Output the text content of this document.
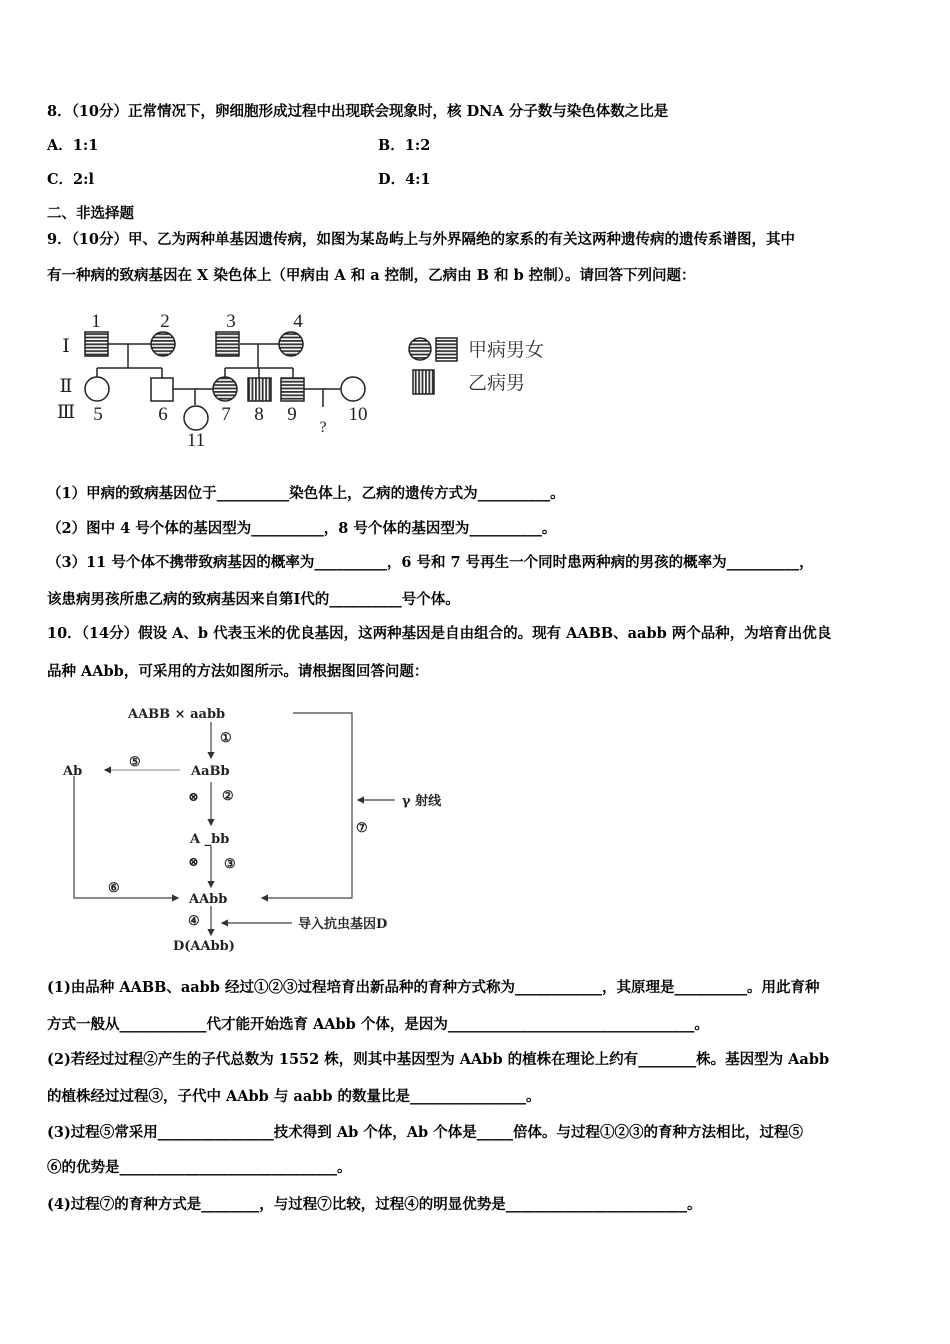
8．（10分）正常情况下，卵细胞形成过程中出现联会现象时，核 DNA 分子数与染色体数之比是
A．1:1	B．1:2
C．2:l	D．4:1
二、非选择题
9．（10分）甲、乙为两种单基因遗传病，如图为某岛屿上与外界隔绝的家系的有关这两种遗传病的遗传系谱图，其中
有一种病的致病基因在 X 染色体上（甲病由 A 和 a 控制，乙病由 B 和 b 控制）。请回答下列问题：
Ⅰ
Ⅱ
Ⅲ
1	2	3	4
5	6	7 8 9	10
11
?
甲病男女
乙病男
（1）甲病的致病基因位于__________染色体上，乙病的遗传方式为__________。
（2）图中 4 号个体的基因型为__________，8 号个体的基因型为__________。
（3）11 号个体不携带致病基因的概率为__________，6 号和 7 号再生一个同时患两种病的男孩的概率为__________，
该患病男孩所患乙病的致病基因来自第Ⅰ代的__________号个体。
10．（14分）假设 A、b 代表玉米的优良基因，这两种基因是自由组合的。现有 AABB、aabb 两个品种，为培育出优良
品种 AAbb，可采用的方法如图所示。请根据图回答问题：
AABB × aabb
AaBb
Ab
A _bb
AAbb
D(AAbb)
⊗
⊗
①
②
③
④
⑤
⑥
⑦
γ 射线
导入抗虫基因D
(1)由品种 AABB、aabb 经过①②③过程培育出新品种的育种方式称为____________，其原理是__________。用此育种
方式一般从____________代才能开始选育 AAbb 个体，是因为__________________________________。
(2)若经过过程②产生的子代总数为 1552 株，则其中基因型为 AAbb 的植株在理论上约有________株。基因型为 Aabb
的植株经过过程③，子代中 AAbb 与 aabb 的数量比是________________。
(3)过程⑤常采用________________技术得到 Ab 个体，Ab 个体是_____倍体。与过程①②③的育种方法相比，过程⑤
⑥的优势是______________________________。
(4)过程⑦的育种方式是________，与过程⑦比较，过程④的明显优势是_________________________。
